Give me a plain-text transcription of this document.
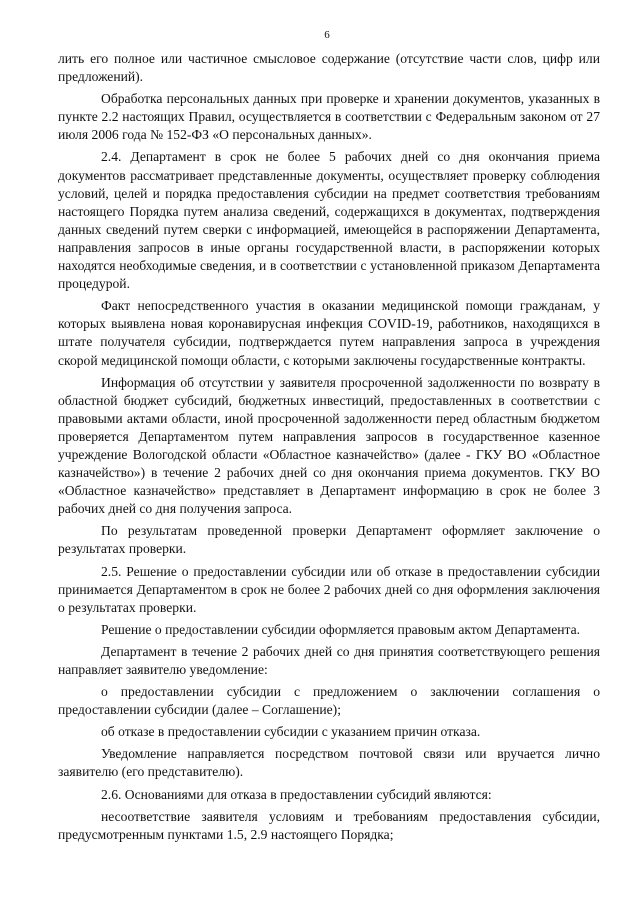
6

лить его полное или частичное смысловое содержание (отсутствие части слов, цифр или предложений).

Обработка персональных данных при проверке и хранении документов, указанных в пункте 2.2 настоящих Правил, осуществляется в соответствии с Федеральным законом от 27 июля 2006 года № 152-ФЗ «О персональных данных».

2.4. Департамент в срок не более 5 рабочих дней со дня окончания приема документов рассматривает представленные документы, осуществляет проверку соблюдения условий, целей и порядка предоставления субсидии на предмет соответствия требованиям настоящего Порядка путем анализа сведений, содержащихся в документах, подтверждения данных сведений путем сверки с информацией, имеющейся в распоряжении Департамента, направления запросов в иные органы государственной власти, в распоряжении которых находятся необходимые сведения, и в соответствии с установленной приказом Департамента процедурой.

Факт непосредственного участия в оказании медицинской помощи гражданам, у которых выявлена новая коронавирусная инфекция COVID-19, работников, находящихся в штате получателя субсидии, подтверждается путем направления запроса в учреждения скорой медицинской помощи области, с которыми заключены государственные контракты.

Информация об отсутствии у заявителя просроченной задолженности по возврату в областной бюджет субсидий, бюджетных инвестиций, предоставленных в соответствии с правовыми актами области, иной просроченной задолженности перед областным бюджетом проверяется Департаментом путем направления запросов в государственное казенное учреждение Вологодской области «Областное казначейство» (далее - ГКУ ВО «Областное казначейство») в течение 2 рабочих дней со дня окончания приема документов. ГКУ ВО «Областное казначейство» представляет в Департамент информацию в срок не более 3 рабочих дней со дня получения запроса.

По результатам проведенной проверки Департамент оформляет заключение о результатах проверки.

2.5. Решение о предоставлении субсидии или об отказе в предоставлении субсидии принимается Департаментом в срок не более 2 рабочих дней со дня оформления заключения о результатах проверки.

Решение о предоставлении субсидии оформляется правовым актом Департамента.

Департамент в течение 2 рабочих дней со дня принятия соответствующего решения направляет заявителю уведомление:

о предоставлении субсидии с предложением о заключении соглашения о предоставлении субсидии (далее – Соглашение);

об отказе в предоставлении субсидии с указанием причин отказа.

Уведомление направляется посредством почтовой связи или вручается лично заявителю (его представителю).

2.6. Основаниями для отказа в предоставлении субсидий являются:

несоответствие заявителя условиям и требованиям предоставления субсидии, предусмотренным пунктами 1.5, 2.9 настоящего Порядка;
